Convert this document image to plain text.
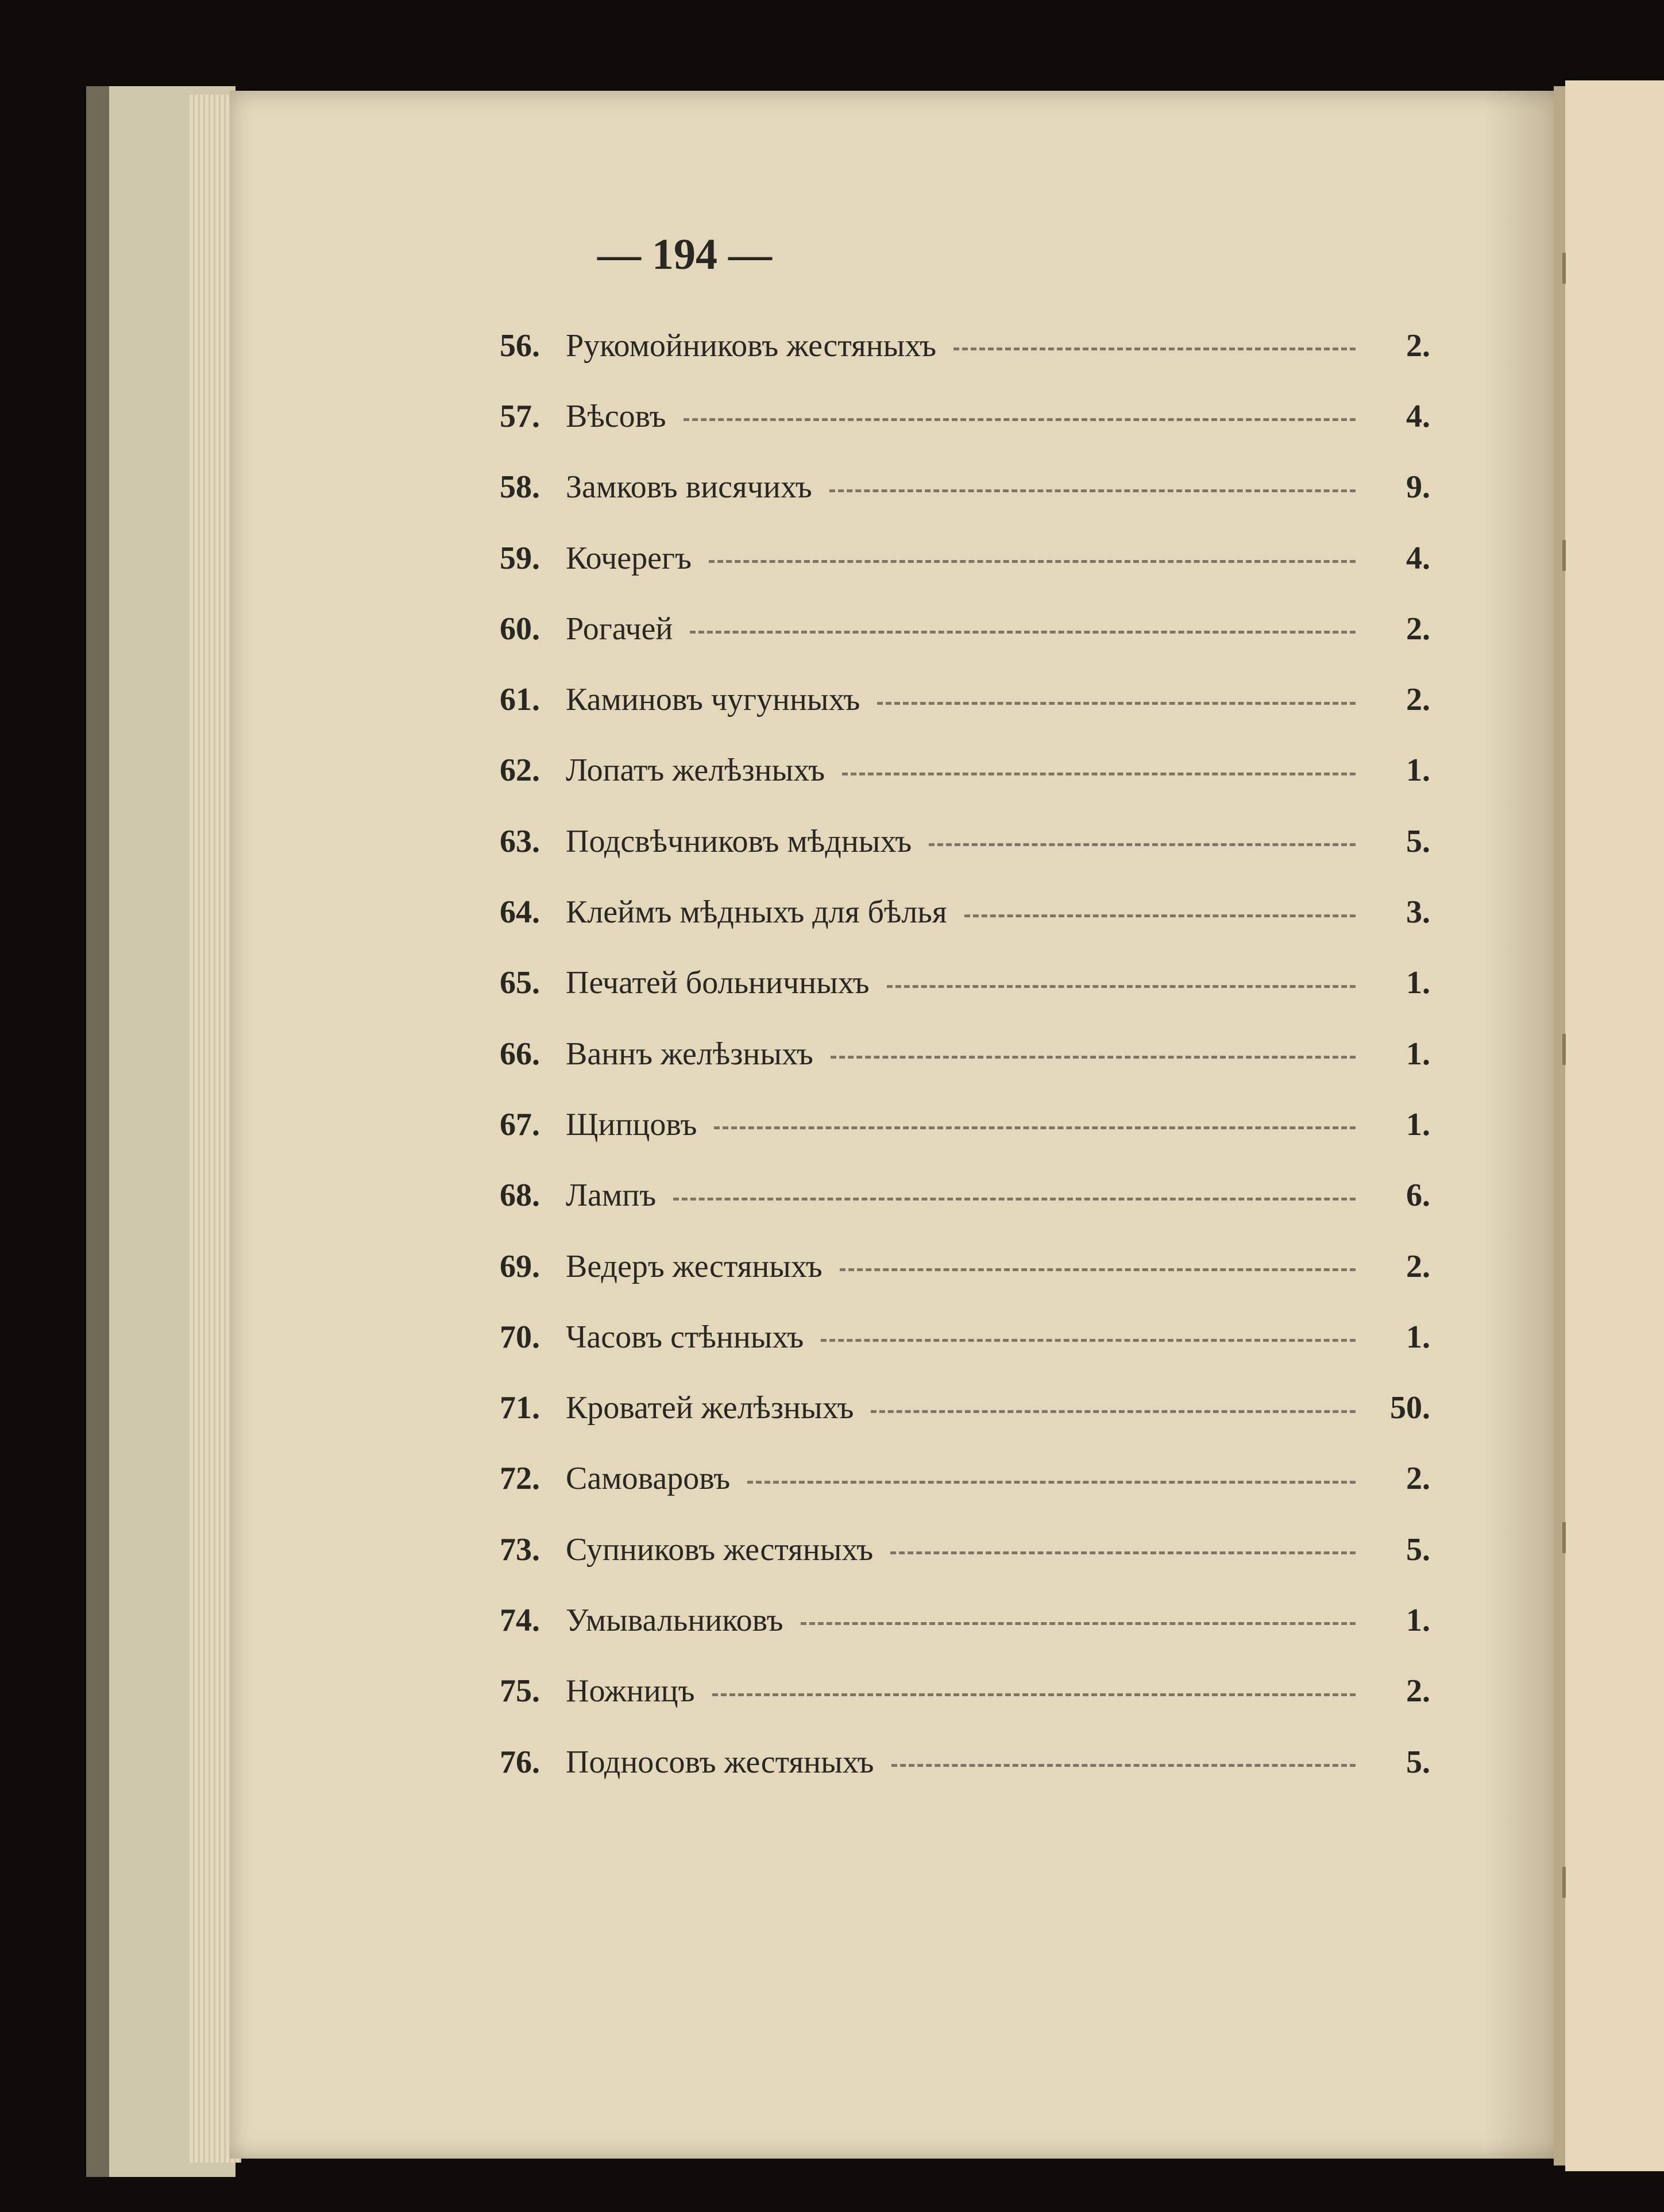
— 194 —
56. Рукомойниковъ жестяныхъ	2.
57. Вѣсовъ	4.
58. Замковъ висячихъ	9.
59. Кочерегъ	4.
60. Рогачей	2.
61. Каминовъ чугунныхъ	2.
62. Лопатъ желѣзныхъ	1.
63. Подсвѣчниковъ мѣдныхъ	5.
64. Клеймъ мѣдныхъ для бѣлья	3.
65. Печатей больничныхъ	1.
66. Ваннъ желѣзныхъ	1.
67. Щипцовъ	1.
68. Лампъ	6.
69. Ведеръ жестяныхъ	2.
70. Часовъ стѣнныхъ	1.
71. Кроватей желѣзныхъ	50.
72. Самоваровъ	2.
73. Супниковъ жестяныхъ	5.
74. Умывальниковъ	1.
75. Ножницъ	2.
76. Подносовъ жестяныхъ	5.
